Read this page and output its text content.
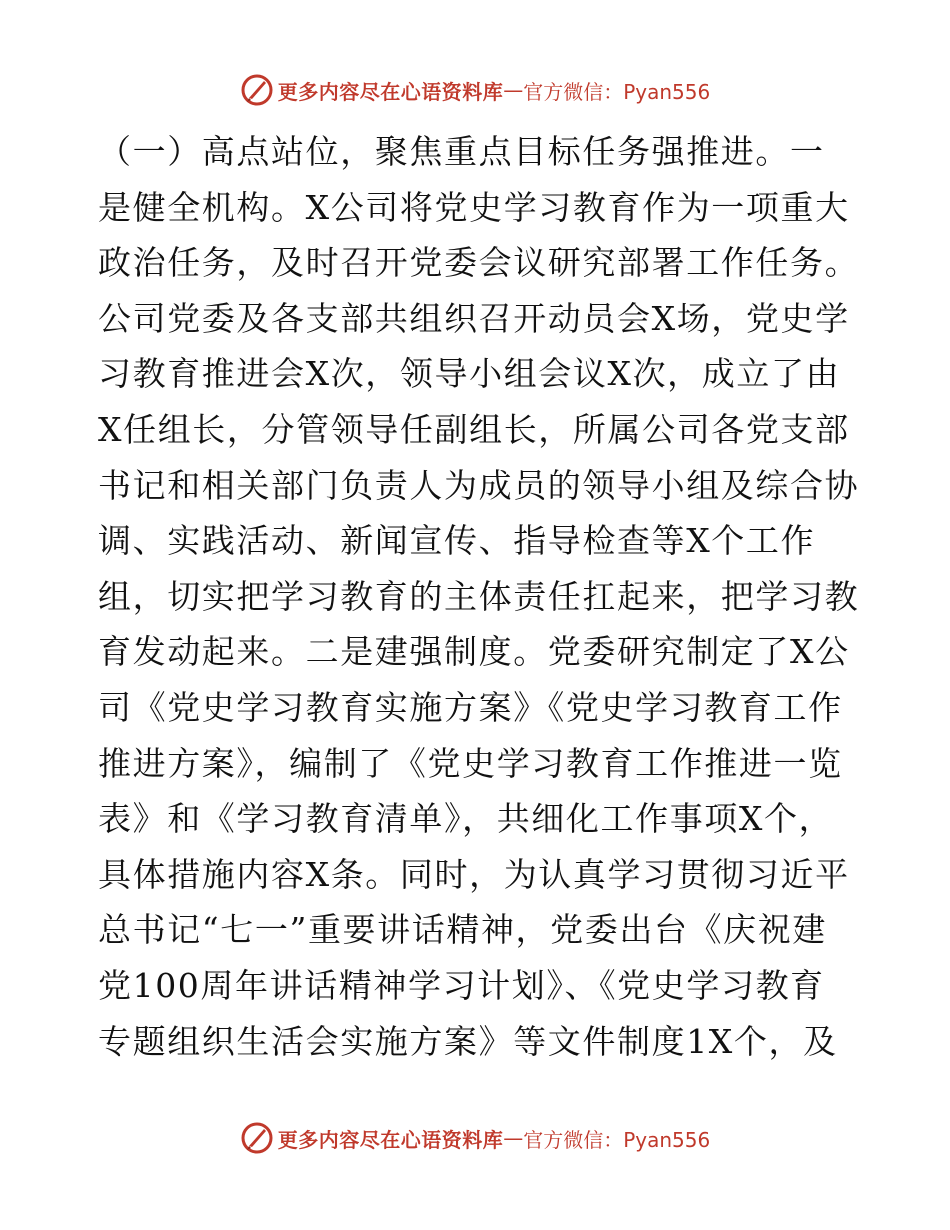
更多内容尽在心语资料库 — 官方微信：Pyan556
（一）高点站位，聚焦重点目标任务强推进。一
是健全机构。X公司将党史学习教育作为一项重大
政治任务，及时召开党委会议研究部署工作任务。
公司党委及各支部共组织召开动员会X场，党史学
习教育推进会X次，领导小组会议X次，成立了由
X任组长，分管领导任副组长，所属公司各党支部
书记和相关部门负责人为成员的领导小组及综合协
调、实践活动、新闻宣传、指导检查等X个工作
组，切实把学习教育的主体责任扛起来，把学习教
育发动起来。二是建强制度。党委研究制定了X公
司《党史学习教育实施方案》《党史学习教育工作
推进方案》，编制了《党史学习教育工作推进一览
表》和《学习教育清单》，共细化工作事项X个，
具体措施内容X条。同时，为认真学习贯彻习近平
总书记“七一”重要讲话精神，党委出台《庆祝建
党100周年讲话精神学习计划》、《党史学习教育
专题组织生活会实施方案》等文件制度1X个，及
更多内容尽在心语资料库 — 官方微信：Pyan556
